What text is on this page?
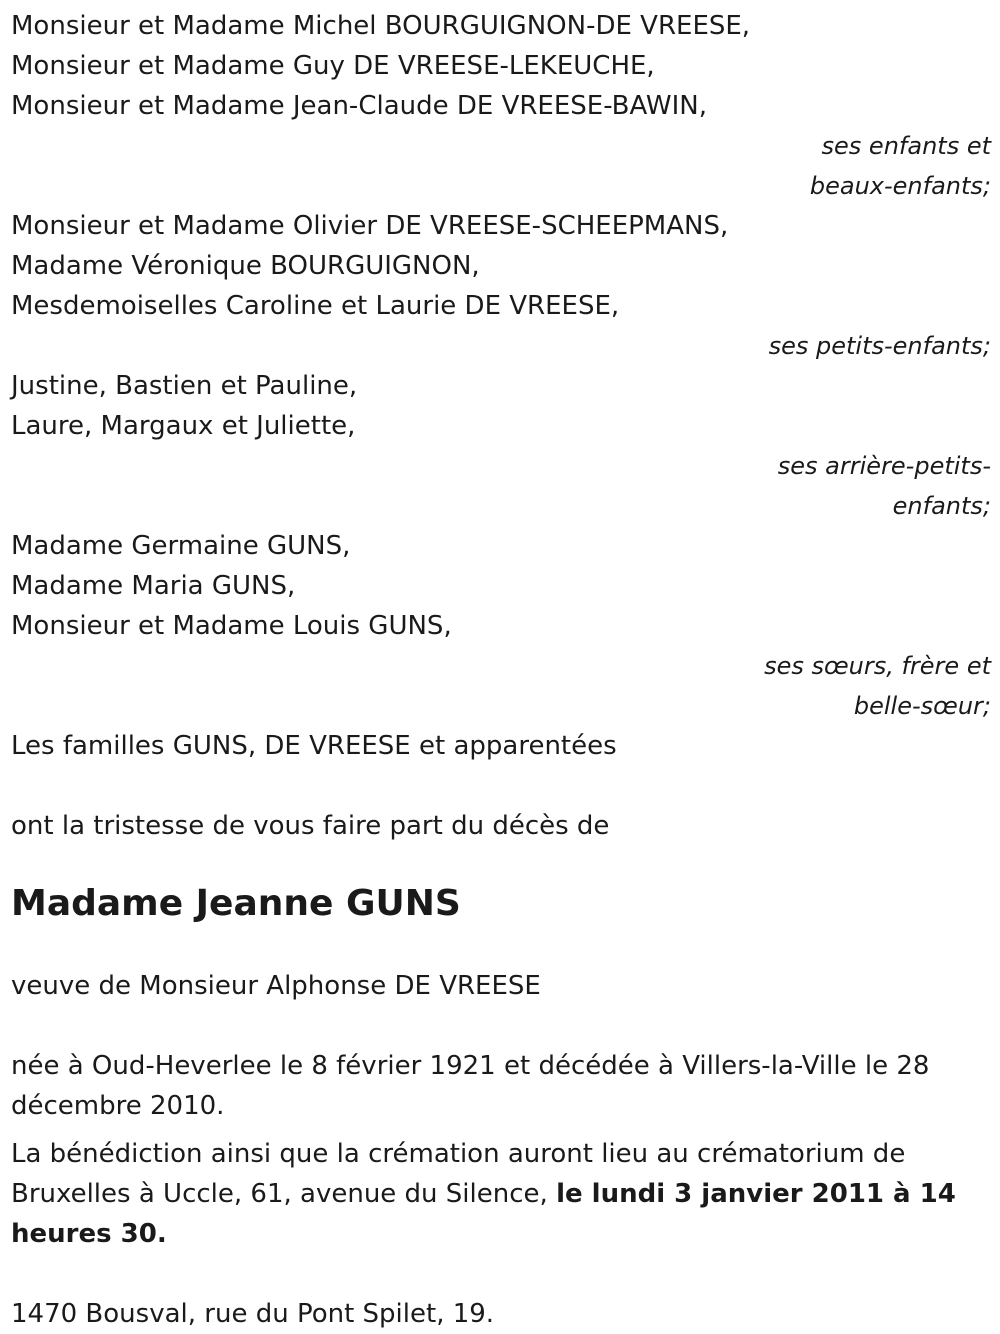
Monsieur et Madame Michel BOURGUIGNON-DE VREESE,
Monsieur et Madame Guy DE VREESE-LEKEUCHE,
Monsieur et Madame Jean-Claude DE VREESE-BAWIN,
ses enfants et
beaux-enfants;
Monsieur et Madame Olivier DE VREESE-SCHEEPMANS,
Madame Véronique BOURGUIGNON,
Mesdemoiselles Caroline et Laurie DE VREESE,
ses petits-enfants;
Justine, Bastien et Pauline,
Laure, Margaux et Juliette,
ses arrière-petits-
enfants;
Madame Germaine GUNS,
Madame Maria GUNS,
Monsieur et Madame Louis GUNS,
ses sœurs, frère et
belle-sœur;
Les familles GUNS, DE VREESE et apparentées
ont la tristesse de vous faire part du décès de
Madame Jeanne GUNS
veuve de Monsieur Alphonse DE VREESE
née à Oud-Heverlee le 8 février 1921 et décédée à Villers-la-Ville le 28 décembre 2010.

La bénédiction ainsi que la crémation auront lieu au crématorium de Bruxelles à Uccle, 61, avenue du Silence, le lundi 3 janvier 2011 à 14 heures 30.

1470 Bousval, rue du Pont Spilet, 19.
